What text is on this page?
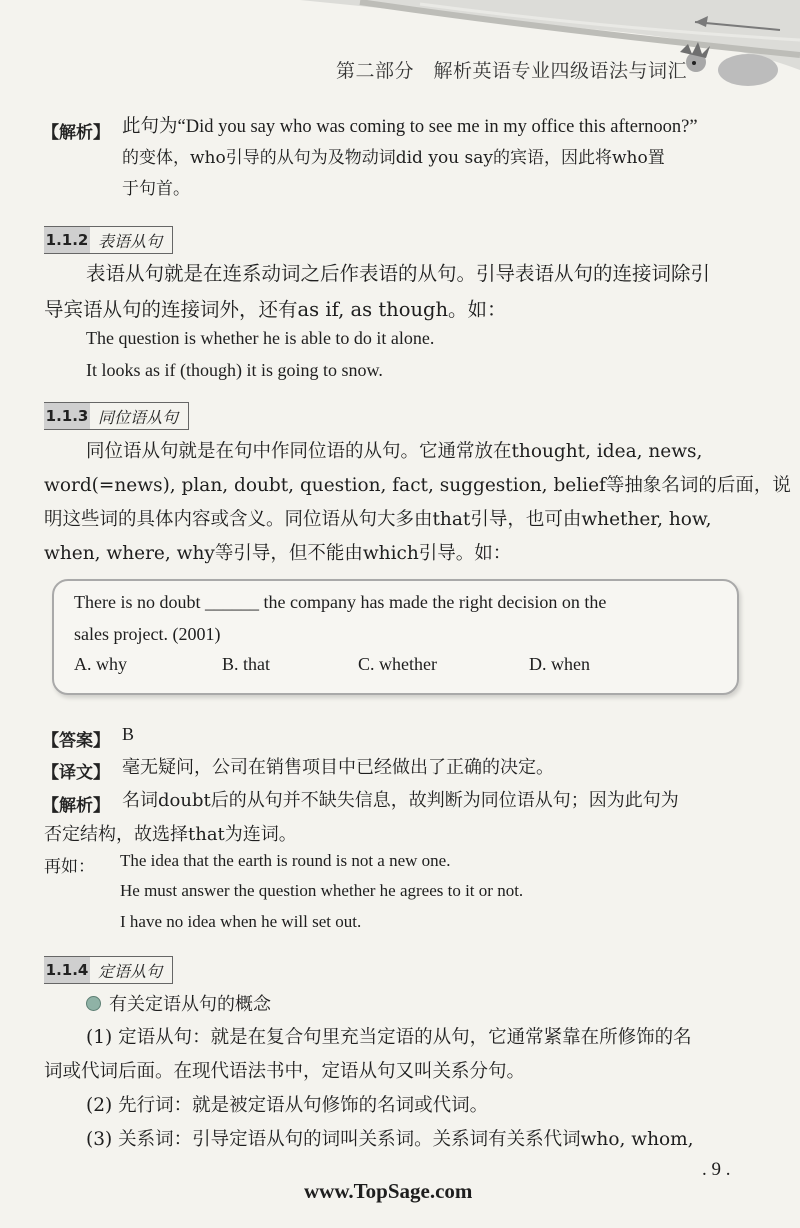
第二部分　解析英语专业四级语法与词汇
【解析】 此句为“Did you say who was coming to see me in my office this afternoon?”
的变体，who引导的从句为及物动词did you say的宾语，因此将who置
于句首。
1.1.2 表语从句
表语从句就是在连系动词之后作表语的从句。引导表语从句的连接词除引
导宾语从句的连接词外，还有as if, as though。如：
The question is whether he is able to do it alone.
It looks as if (though) it is going to snow.
1.1.3 同位语从句
同位语从句就是在句中作同位语的从句。它通常放在thought, idea, news,
word(=news), plan, doubt, question, fact, suggestion, belief等抽象名词的后面，说
明这些词的具体内容或含义。同位语从句大多由that引导，也可由whether, how,
when, where, why等引导，但不能由which引导。如：
There is no doubt ______ the company has made the right decision on the
sales project. (2001)
A. why	B. that	C. whether	D. when
【答案】 B
【译文】 毫无疑问，公司在销售项目中已经做出了正确的决定。
【解析】 名词doubt后的从句并不缺失信息，故判断为同位语从句；因为此句为
否定结构，故选择that为连词。
再如： The idea that the earth is round is not a new one.
He must answer the question whether he agrees to it or not.
I have no idea when he will set out.
1.1.4 定语从句
有关定语从句的概念
(1) 定语从句：就是在复合句里充当定语的从句，它通常紧靠在所修饰的名
词或代词后面。在现代语法书中，定语从句又叫关系分句。
(2) 先行词：就是被定语从句修饰的名词或代词。
(3) 关系词：引导定语从句的词叫关系词。关系词有关系代词who, whom,
. 9 .
www.TopSage.com
